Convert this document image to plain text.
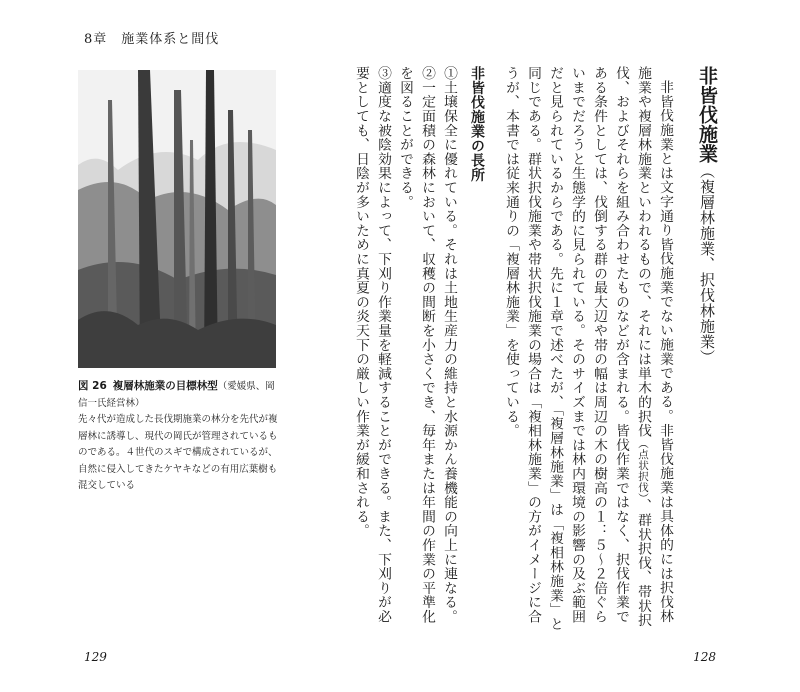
8章　施業体系と間伐
図 26 複層林施業の目標林型（愛媛県、岡信一氏経営林）
先々代が造成した長伐期施業の林分を先代が複層林に誘導し、現代の岡氏が管理されているものである。４世代のスギで構成されているが、自然に侵入してきたケヤキなどの有用広葉樹も混交している
非皆伐施業（複層林施業、択伐林施業）

非皆伐施業とは文字通り皆伐施業でない施業である。非皆伐施業は具体的には択伐林施業や複層林施業といわれるもので、それには単木的択伐（点状択伐）、群状択伐、帯状択伐、およびそれらを組み合わせたものなどが含まれる。皆伐作業ではなく、択伐作業である条件としては、伐倒する群の最大辺や帯の幅は周辺の木の樹高の１：５〜２倍ぐらいまでだろうと生態学的に見られている。そのサイズまでは林内環境の影響の及ぶ範囲だと見られているからである。先に１章で述べたが、「複層林施業」は「複相林施業」と同じである。群状択伐施業や帯状択伐施業の場合は「複相林施業」の方がイメージに合うが、本書では従来通りの「複層林施業」を使っている。

非皆伐施業の長所

①土壌保全に優れている。それは土地生産力の維持と水源かん養機能の向上に連なる。

②一定面積の森林において、収穫の間断を小さくでき、毎年または年間の作業の平準化を図ることができる。

③適度な被陰効果によって、下刈り作業量を軽減することができる。また、下刈りが必要としても、日陰が多いために真夏の炎天下の厳しい作業が緩和される。

129	128
